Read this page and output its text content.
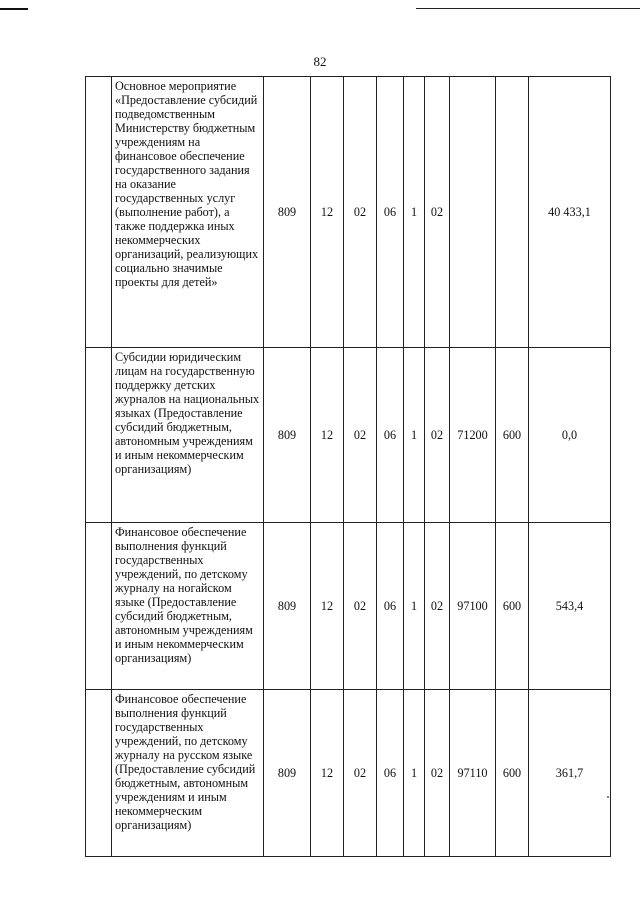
82
	Основное мероприятие «Предоставление субсидий подведомственным Министерству бюджетным учреждениям на финансовое обеспечение государственного задания на оказание государственных услуг (выполнение работ), а также поддержка иных некоммерческих организаций, реализующих социально значимые проекты для детей»	809	12	02	06	1	02			40 433,1
	Субсидии юридическим лицам на государственную поддержку детских журналов на национальных языках (Предоставление субсидий бюджетным, автономным учреждениям и иным некоммерческим организациям)	809	12	02	06	1	02	71200	600	0,0
	Финансовое обеспечение выполнения функций государственных учреждений, по детскому журналу на ногайском языке (Предоставление субсидий бюджетным, автономным учреждениям и иным некоммерческим организациям)	809	12	02	06	1	02	97100	600	543,4
	Финансовое обеспечение выполнения функций государственных учреждений, по детскому журналу на русском языке (Предоставление субсидий бюджетным, автономным учреждениям и иным некоммерческим организациям)	809	12	02	06	1	02	97110	600	361,7
